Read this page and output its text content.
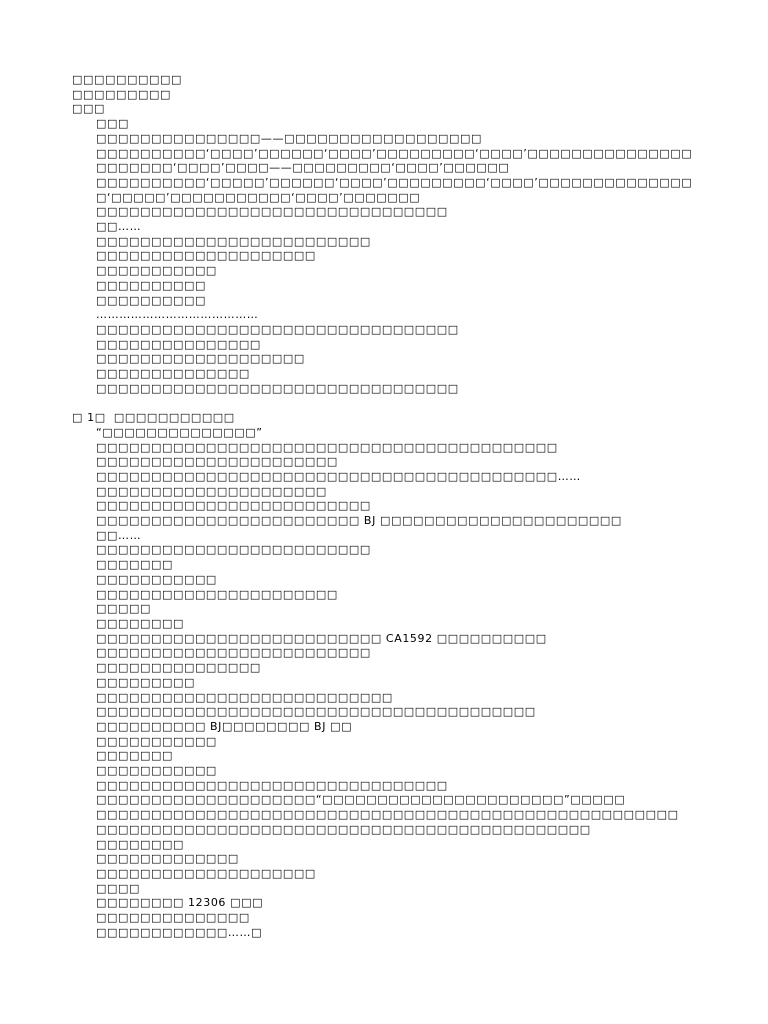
□□□□□□□□□□
□□□□□□□□□
□□□
□□□
□□□□□□□□□□□□□□□——□□□□□□□□□□□□□□□□□□
□□□□□□□□□□‘□□□□’□□□□□□‘□□□□’□□□□□□□□□‘□□□□’□□□□□□□□□□□□□□□□□□□□□□‘□□□□’□□□□——□□□□□□□□□‘□□□□’□□□□□□
□□□□□□□□□□‘□□□□□’□□□□□□‘□□□□’□□□□□□□□□‘□□□□’□□□□□□□□□□□□□□□‘□□□□□’□□□□□□□□□□□‘□□□□’□□□□□□□
□□□□□□□□□□□□□□□□□□□□□□□□□□□□□□□□
□□……
□□□□□□□□□□□□□□□□□□□□□□□□□
□□□□□□□□□□□□□□□□□□□□
□□□□□□□□□□□
□□□□□□□□□□
□□□□□□□□□□
……………………………………
□□□□□□□□□□□□□□□□□□□□□□□□□□□□□□□□□
□□□□□□□□□□□□□□□
□□□□□□□□□□□□□□□□□□□
□□□□□□□□□□□□□□
□□□□□□□□□□□□□□□□□□□□□□□□□□□□□□□□□
□ 1□  □□□□□□□□□□□
“□□□□□□□□□□□□□□”
□□□□□□□□□□□□□□□□□□□□□□□□□□□□□□□□□□□□□□□□□□
□□□□□□□□□□□□□□□□□□□□□□
□□□□□□□□□□□□□□□□□□□□□□□□□□□□□□□□□□□□□□□□□□……
□□□□□□□□□□□□□□□□□□□□□
□□□□□□□□□□□□□□□□□□□□□□□□□
□□□□□□□□□□□□□□□□□□□□□□□□ BJ □□□□□□□□□□□□□□□□□□□□□□
□□……
□□□□□□□□□□□□□□□□□□□□□□□□□
□□□□□□□
□□□□□□□□□□□
□□□□□□□□□□□□□□□□□□□□□□
□□□□□
□□□□□□□□
□□□□□□□□□□□□□□□□□□□□□□□□□□ CA1592 □□□□□□□□□□
□□□□□□□□□□□□□□□□□□□□□□□□□
□□□□□□□□□□□□□□□
□□□□□□□□□
□□□□□□□□□□□□□□□□□□□□□□□□□□□
□□□□□□□□□□□□□□□□□□□□□□□□□□□□□□□□□□□□□□□□
□□□□□□□□□□ BJ□□□□□□□□ BJ □□
□□□□□□□□□□□
□□□□□□□
□□□□□□□□□□□
□□□□□□□□□□□□□□□□□□□□□□□□□□□□□□□□
□□□□□□□□□□□□□□□□□□□□“□□□□□□□□□□□□□□□□□□□□□□”□□□□□
□□□□□□□□□□□□□□□□□□□□□□□□□□□□□□□□□□□□□□□□□□□□□□□□□□□□□
□□□□□□□□□□□□□□□□□□□□□□□□□□□□□□□□□□□□□□□□□□□□□
□□□□□□□□
□□□□□□□□□□□□□
□□□□□□□□□□□□□□□□□□□□
□□□□
□□□□□□□□ 12306 □□□
□□□□□□□□□□□□□□
□□□□□□□□□□□□……□
